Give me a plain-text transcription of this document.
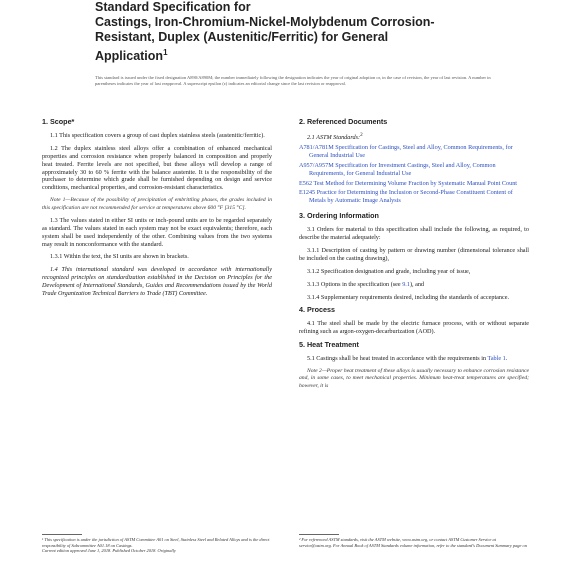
Standard Specification for
Castings, Iron-Chromium-Nickel-Molybdenum Corrosion-
Resistant, Duplex (Austenitic/Ferritic) for General
Application$^1$
This standard is issued under the fixed designation A890/A890M; the number immediately following the designation indicates the year of original adoption or, in the case of revision, the year of last revision. A number in parentheses indicates the year of last reapproval. A superscript epsilon (ε) indicates an editorial change since the last revision or reapproval.
1. Scope*
1.1 This specification covers a group of cast duplex stainless steels (austenitic/ferritic).
1.2 The duplex stainless steel alloys offer a combination of enhanced mechanical properties and corrosion resistance when properly balanced in composition and properly heat treated. Ferrite levels are not specified, but these alloys will develop a range of approximately 30 to 60 % ferrite with the balance austenite. It is the responsibility of the purchaser to determine which grade shall be furnished depending on design and service conditions, mechanical properties, and corrosion-resistant characteristics.
Note 1—Because of the possibility of precipitation of embrittling phases, the grades included in this specification are not recommended for service at temperatures above 600 °F [315 °C].
1.3 The values stated in either SI units or inch-pound units are to be regarded separately as standard. The values stated in each system may not be exact equivalents; therefore, each system shall be used independently of the other. Combining values from the two systems may result in nonconformance with the standard.
1.3.1 Within the text, the SI units are shown in brackets.
1.4 This international standard was developed in accordance with internationally recognized principles on standardization established in the Decision on Principles for the Development of International Standards, Guides and Recommendations issued by the World Trade Organization Technical Barriers to Trade (TBT) Committee.
¹ This specification is under the jurisdiction of ASTM Committee A01 on Steel, Stainless Steel and Related Alloys and is the direct responsibility of Subcommittee A01.18 on Castings.
Current edition approved June 1, 2018. Published October 2018. Originally
2. Referenced Documents
2.1 ASTM Standards:$^2$
A781/A781M Specification for Castings, Steel and Alloy, Common Requirements, for General Industrial Use
A957/A957M Specification for Investment Castings, Steel and Alloy, Common Requirements, for General Industrial Use
E562 Test Method for Determining Volume Fraction by Systematic Manual Point Count
E1245 Practice for Determining the Inclusion or Second-Phase Constituent Content of Metals by Automatic Image Analysis
3. Ordering Information
3.1 Orders for material to this specification shall include the following, as required, to describe the material adequately:
3.1.1 Description of casting by pattern or drawing number (dimensional tolerance shall be included on the casting drawing),
3.1.2 Specification designation and grade, including year of issue,
3.1.3 Options in the specification (see 9.1), and
3.1.4 Supplementary requirements desired, including the standards of acceptance.
4. Process
4.1 The steel shall be made by the electric furnace process, with or without separate refining such as argon-oxygen-decarburization (AOD).
5. Heat Treatment
5.1 Castings shall be heat treated in accordance with the requirements in Table 1.
Note 2—Proper heat treatment of these alloys is usually necessary to enhance corrosion resistance and, in some cases, to meet mechanical properties. Minimum heat-treat temperatures are specified; however, it is
² For referenced ASTM standards, visit the ASTM website, www.astm.org, or contact ASTM Customer Service at service@astm.org. For Annual Book of ASTM Standards volume information, refer to the standard's Document Summary page on
